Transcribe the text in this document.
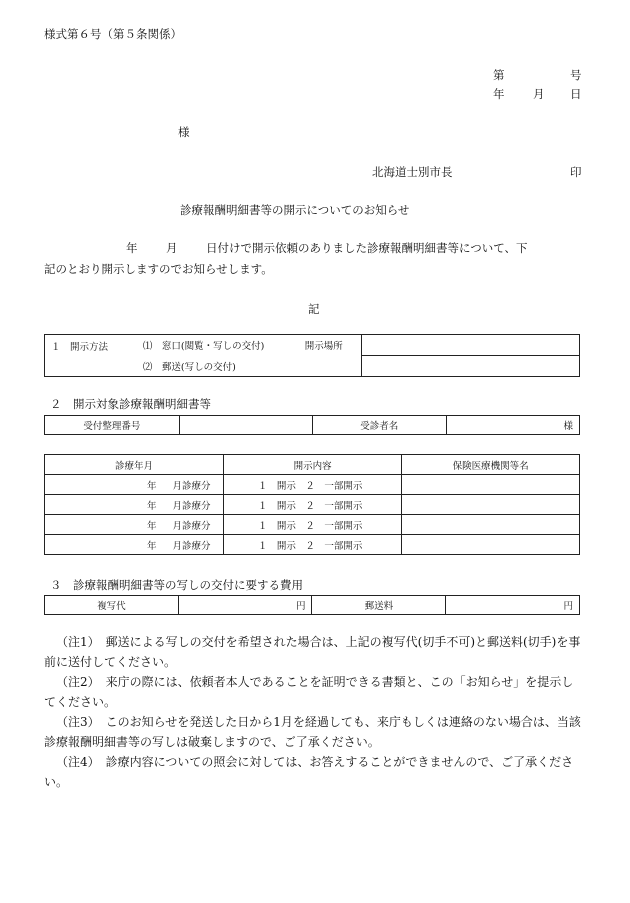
様式第６号（第５条関係）
第	号
年 月 日
様
北海道士別市長	印
診療報酬明細書等の開示についてのお知らせ
年 月 日付けで開示依頼のありました診療報酬明細書等について、下
記のとおり開示しますのでお知らせします。
記
１　開示方法	⑴　窓口(閲覧・写しの交付)	開示場所	
	⑵　郵送(写しの交付)		
２　開示対象診療報酬明細書等
受付整理番号		受診者名	様
診療年月	開示内容	保険医療機関等名
年 月診療分	１　開示　２　一部開示	
年 月診療分	１　開示　２　一部開示	
年 月診療分	１　開示　２　一部開示	
年 月診療分	１　開示　２　一部開示	
３　診療報酬明細書等の写しの交付に要する費用
複写代	円	郵送料	円

（注1）　郵送による写しの交付を希望された場合は、上記の複写代(切手不可)と郵送料(切手)を事前に送付してください。

（注2）　来庁の際には、依頼者本人であることを証明できる書類と、この「お知らせ」を提示してください。

（注3）　このお知らせを発送した日から1月を経過しても、来庁もしくは連絡のない場合は、当該診療報酬明細書等の写しは破棄しますので、ご了承ください。

（注4）　診療内容についての照会に対しては、お答えすることができませんので、ご了承ください。
